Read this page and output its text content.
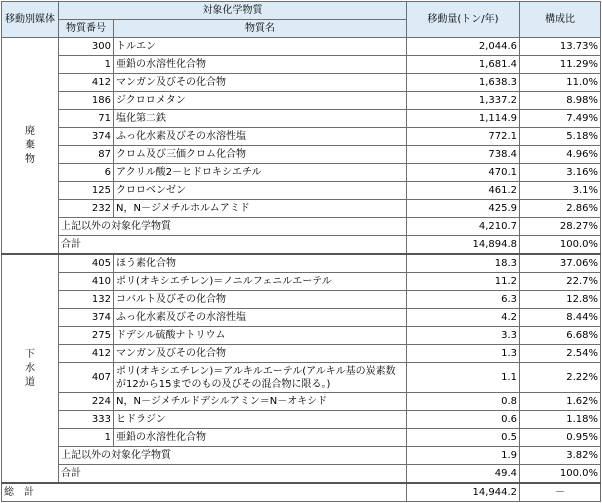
移動別媒体	対象化学物質		移動量(トン/年)	構成比
	物質番号	物質名		
廃棄物	300	トルエン	2,044.6	13.73%
	1	亜鉛の水溶性化合物	1,681.4	11.29%
	412	マンガン及びその化合物	1,638.3	11.0%
	186	ジクロロメタン	1,337.2	8.98%
	71	塩化第二鉄	1,114.9	7.49%
	374	ふっ化水素及びその水溶性塩	772.1	5.18%
	87	クロム及び三価クロム化合物	738.4	4.96%
	6	アクリル酸2－ヒドロキシエチル	470.1	3.16%
	125	クロロベンゼン	461.2	3.1%
	232	N，N－ジメチルホルムアミド	425.9	2.86%
	上記以外の対象化学物質		4,210.7	28.27%
	合計		14,894.8	100.0%
下水道	405	ほう素化合物	18.3	37.06%
	410	ポリ(オキシエチレン)＝ノニルフェニルエーテル	11.2	22.7%
	132	コバルト及びその化合物	6.3	12.8%
	374	ふっ化水素及びその水溶性塩	4.2	8.44%
	275	ドデシル硫酸ナトリウム	3.3	6.68%
	412	マンガン及びその化合物	1.3	2.54%
	407	ポリ(オキシエチレン)＝アルキルエーテル(アルキル基の炭素数が12から15までのもの及びその混合物に限る。)	1.1	2.22%
	224	N，N－ジメチルドデシルアミン＝N－オキシド	0.8	1.62%
	333	ヒドラジン	0.6	1.18%
	1	亜鉛の水溶性化合物	0.5	0.95%
	上記以外の対象化学物質		1.9	3.82%
	合計		49.4	100.0%
総　計			14,944.2	－
